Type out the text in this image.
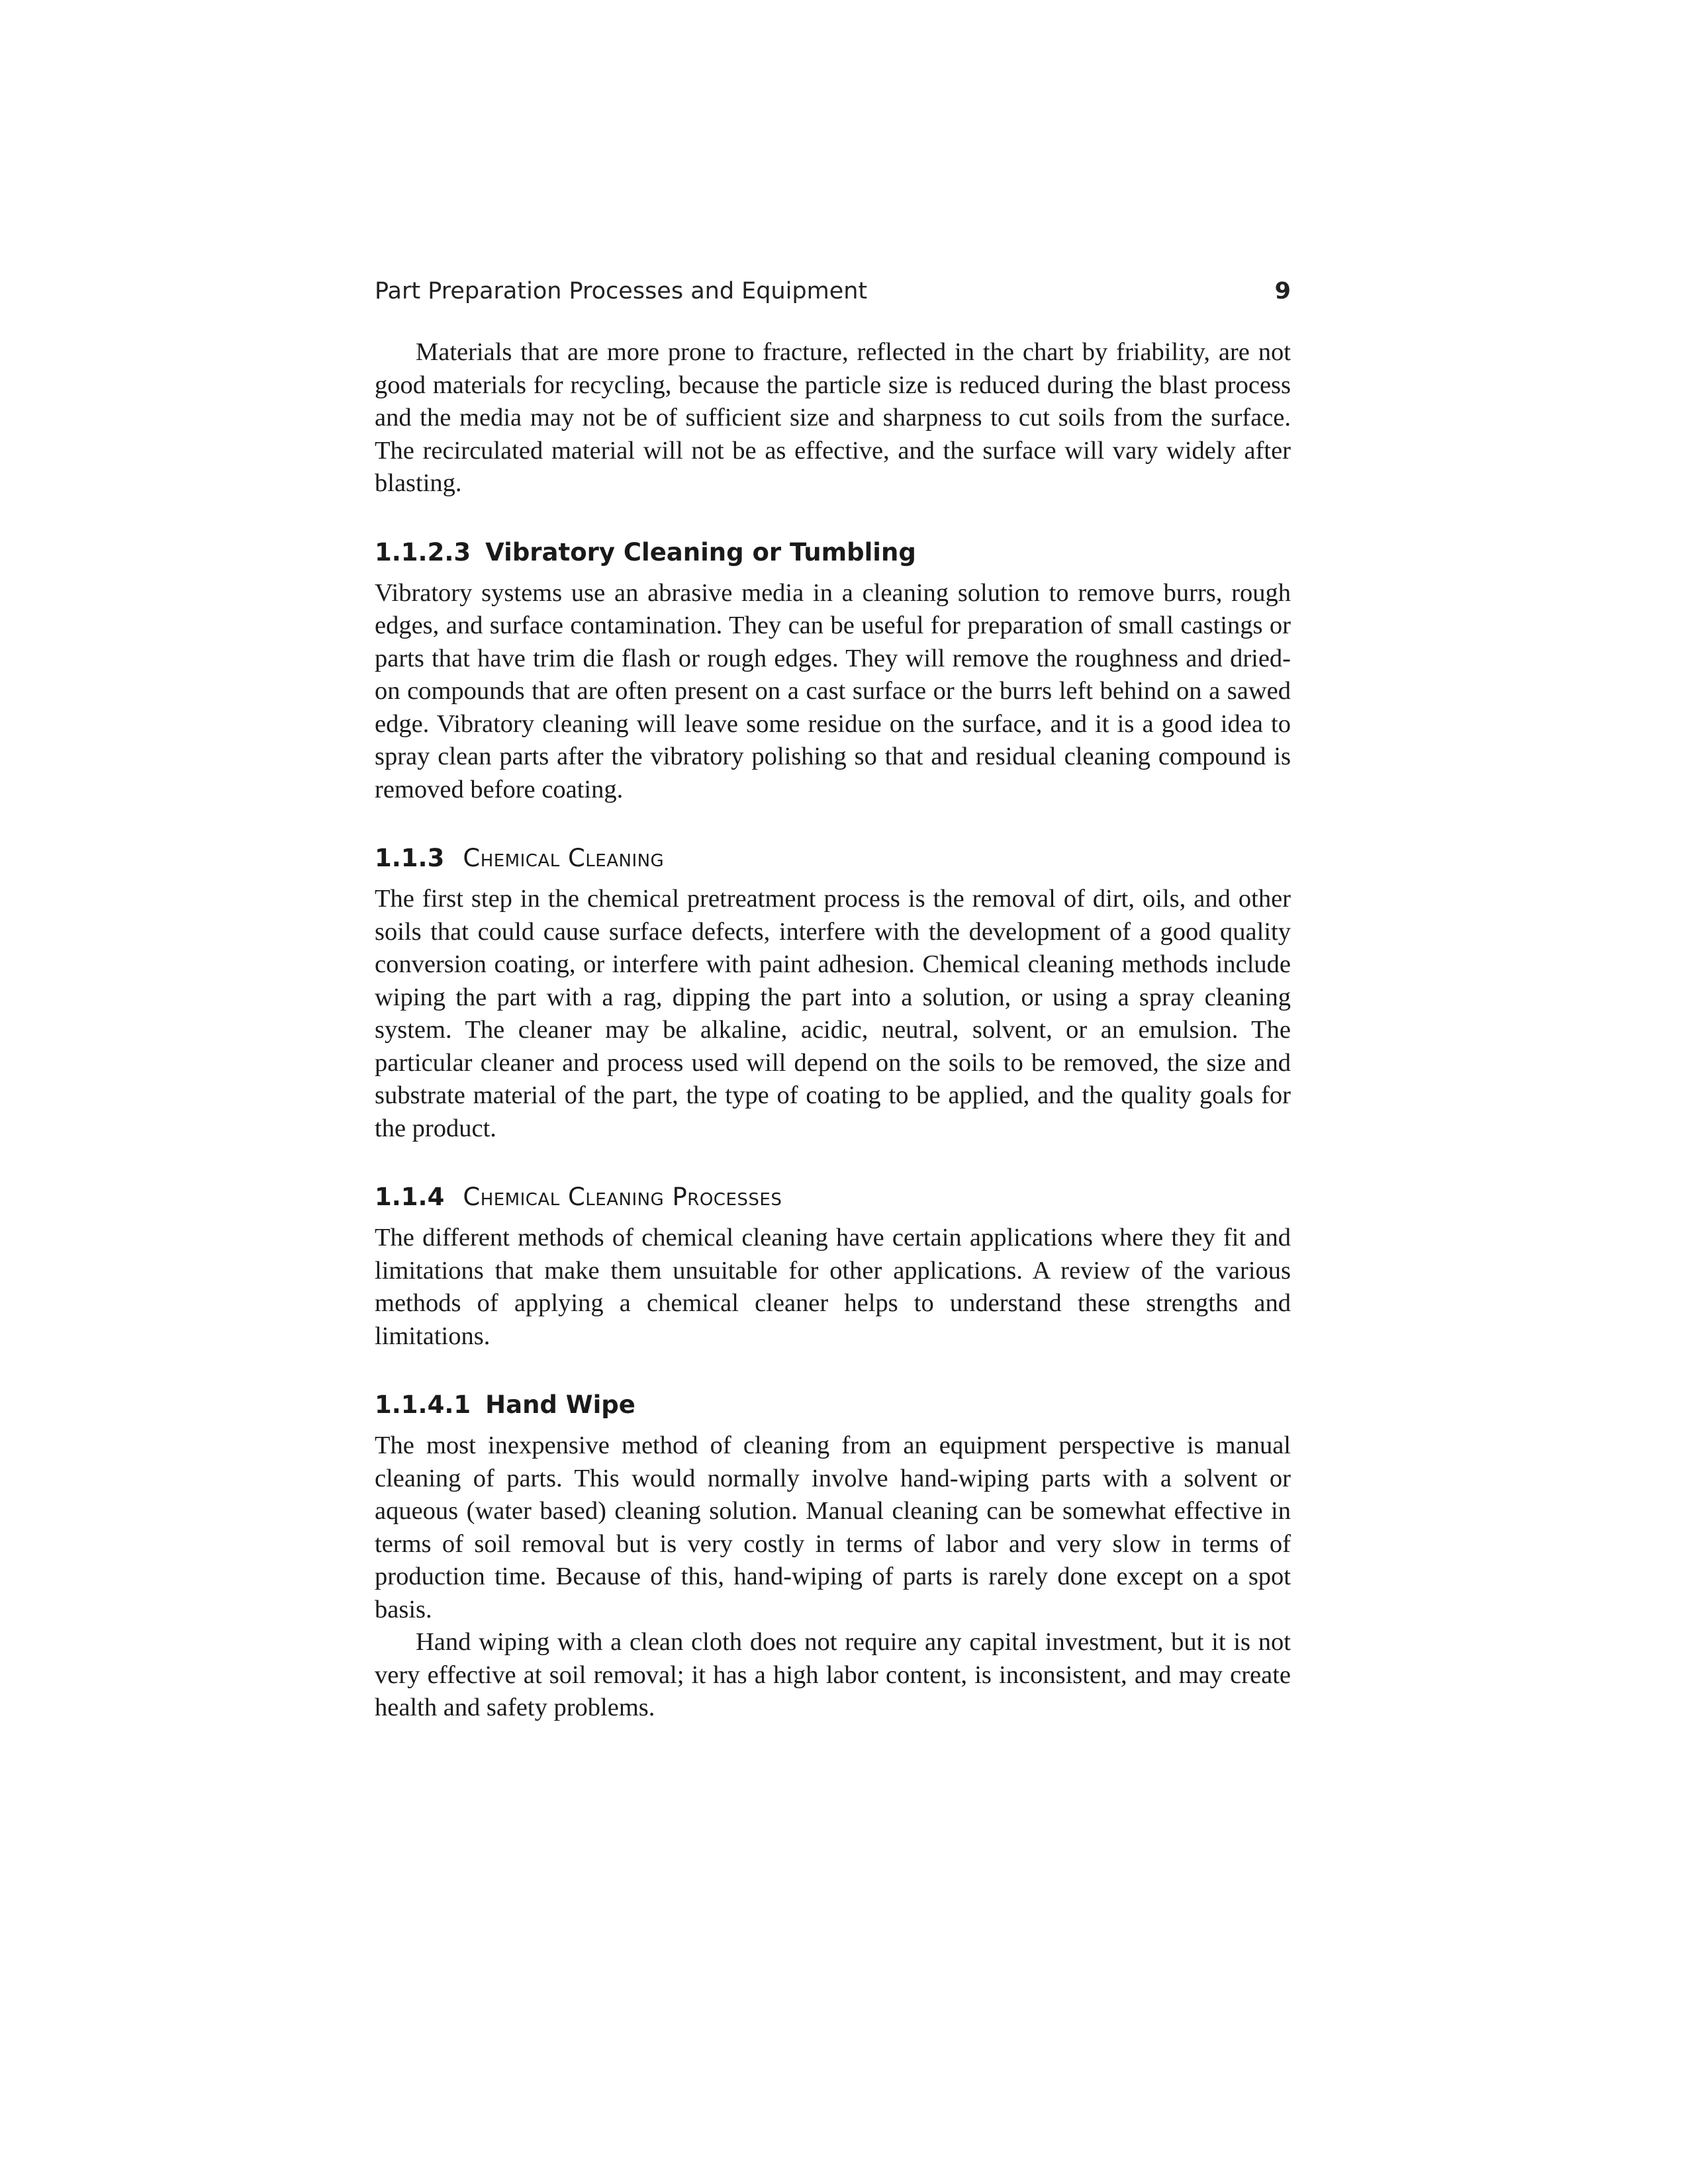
Part Preparation Processes and Equipment	9

Materials that are more prone to fracture, reflected in the chart by friability, are not good materials for recycling, because the particle size is reduced during the blast process and the media may not be of sufficient size and sharpness to cut soils from the surface. The recirculated material will not be as effective, and the surface will vary widely after blasting.

1.1.2.3 Vibratory Cleaning or Tumbling

Vibratory systems use an abrasive media in a cleaning solution to remove burrs, rough edges, and surface contamination. They can be useful for preparation of small castings or parts that have trim die flash or rough edges. They will remove the roughness and dried-on compounds that are often present on a cast surface or the burrs left behind on a sawed edge. Vibratory cleaning will leave some residue on the surface, and it is a good idea to spray clean parts after the vibratory polishing so that and residual cleaning compound is removed before coating.

1.1.3 Chemical Cleaning

The first step in the chemical pretreatment process is the removal of dirt, oils, and other soils that could cause surface defects, interfere with the development of a good quality conversion coating, or interfere with paint adhesion. Chemical cleaning methods include wiping the part with a rag, dipping the part into a solution, or using a spray cleaning system. The cleaner may be alkaline, acidic, neutral, solvent, or an emulsion. The particular cleaner and process used will depend on the soils to be removed, the size and substrate material of the part, the type of coating to be applied, and the quality goals for the product.

1.1.4 Chemical Cleaning Processes

The different methods of chemical cleaning have certain applications where they fit and limitations that make them unsuitable for other applications. A review of the various methods of applying a chemical cleaner helps to understand these strengths and limitations.

1.1.4.1 Hand Wipe

The most inexpensive method of cleaning from an equipment perspective is manual cleaning of parts. This would normally involve hand-wiping parts with a solvent or aqueous (water based) cleaning solution. Manual cleaning can be somewhat effective in terms of soil removal but is very costly in terms of labor and very slow in terms of production time. Because of this, hand-wiping of parts is rarely done except on a spot basis.

Hand wiping with a clean cloth does not require any capital investment, but it is not very effective at soil removal; it has a high labor content, is inconsistent, and may create health and safety problems.
